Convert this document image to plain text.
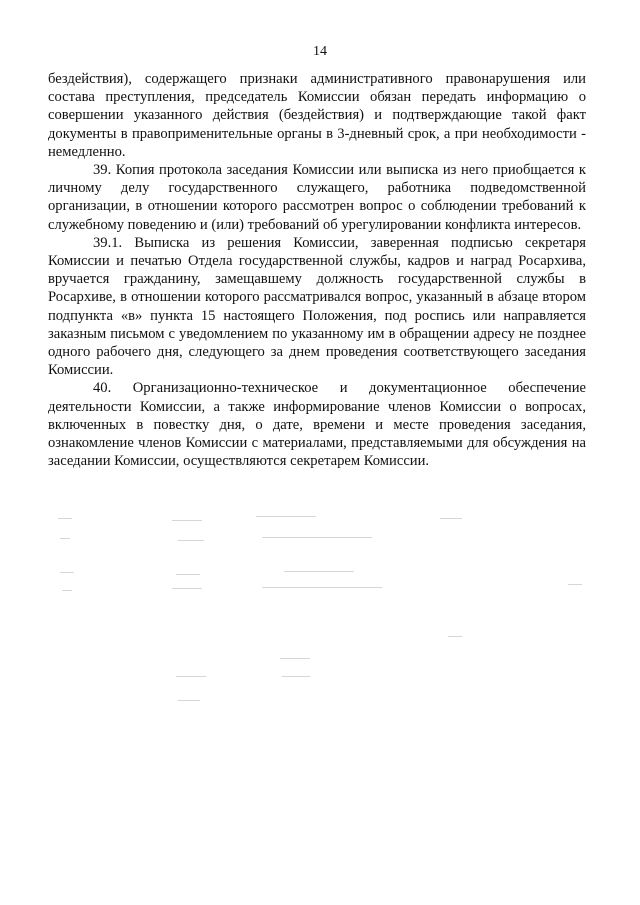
14

бездействия), содержащего признаки административного правонарушения или состава преступления, председатель Комиссии обязан передать информацию о совершении указанного действия (бездействия) и подтверждающие такой факт документы в правоприменительные органы в 3-дневный срок, а при необходимости - немедленно.

39. Копия протокола заседания Комиссии или выписка из него приобщается к личному делу государственного служащего, работника подведомственной организации, в отношении которого рассмотрен вопрос о соблюдении требований к служебному поведению и (или) требований об урегулировании конфликта интересов.

39.1. Выписка из решения Комиссии, заверенная подписью секретаря Комиссии и печатью Отдела государственной службы, кадров и наград Росархива, вручается гражданину, замещавшему должность государственной службы в Росархиве, в отношении которого рассматривался вопрос, указанный в абзаце втором подпункта «в» пункта 15 настоящего Положения, под роспись или направляется заказным письмом с уведомлением по указанному им в обращении адресу не позднее одного рабочего дня, следующего за днем проведения соответствующего заседания Комиссии.

40. Организационно-техническое и документационное обеспечение деятельности Комиссии, а также информирование членов Комиссии о вопросах, включенных в повестку дня, о дате, времени и месте проведения заседания, ознакомление членов Комиссии с материалами, представляемыми для обсуждения на заседании Комиссии, осуществляются секретарем Комиссии.
